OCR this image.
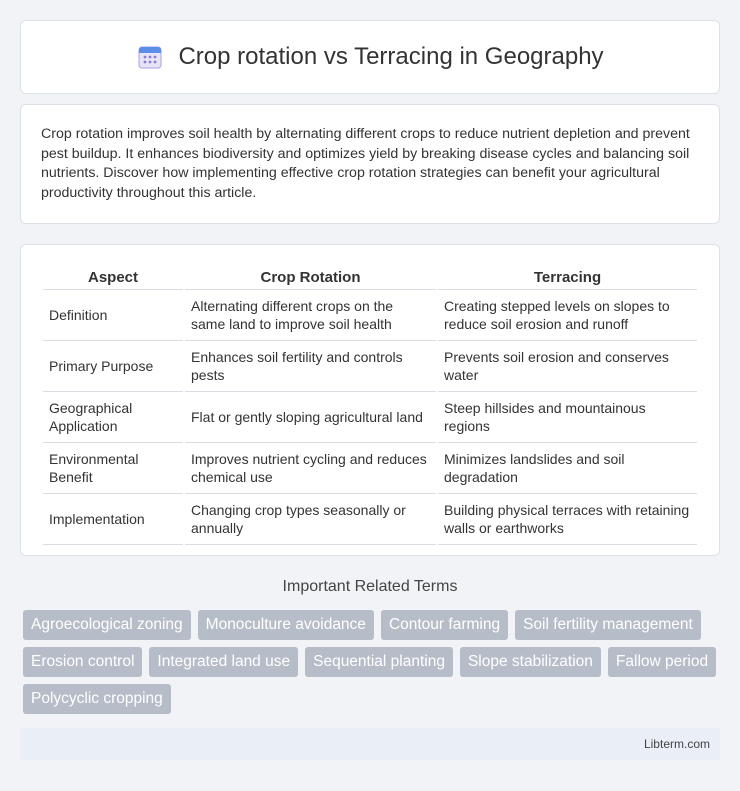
Crop rotation vs Terracing in Geography

Crop rotation improves soil health by alternating different crops to reduce nutrient depletion and prevent pest buildup. It enhances biodiversity and optimizes yield by breaking disease cycles and balancing soil nutrients. Discover how implementing effective crop rotation strategies can benefit your agricultural productivity throughout this article.

Aspect	Crop Rotation	Terracing
Definition	Alternating different crops on the same land to improve soil health	Creating stepped levels on slopes to reduce soil erosion and runoff
Primary Purpose	Enhances soil fertility and controls pests	Prevents soil erosion and conserves water
Geographical Application	Flat or gently sloping agricultural land	Steep hillsides and mountainous regions
Environmental Benefit	Improves nutrient cycling and reduces chemical use	Minimizes landslides and soil degradation
Implementation	Changing crop types seasonally or annually	Building physical terraces with retaining walls or earthworks
Important Related Terms
Agroecological zoning	Monoculture avoidance	Contour farming	Soil fertility management
Erosion control	Integrated land use	Sequential planting	Slope stabilization	Fallow period
Polycyclic cropping
Libterm.com
